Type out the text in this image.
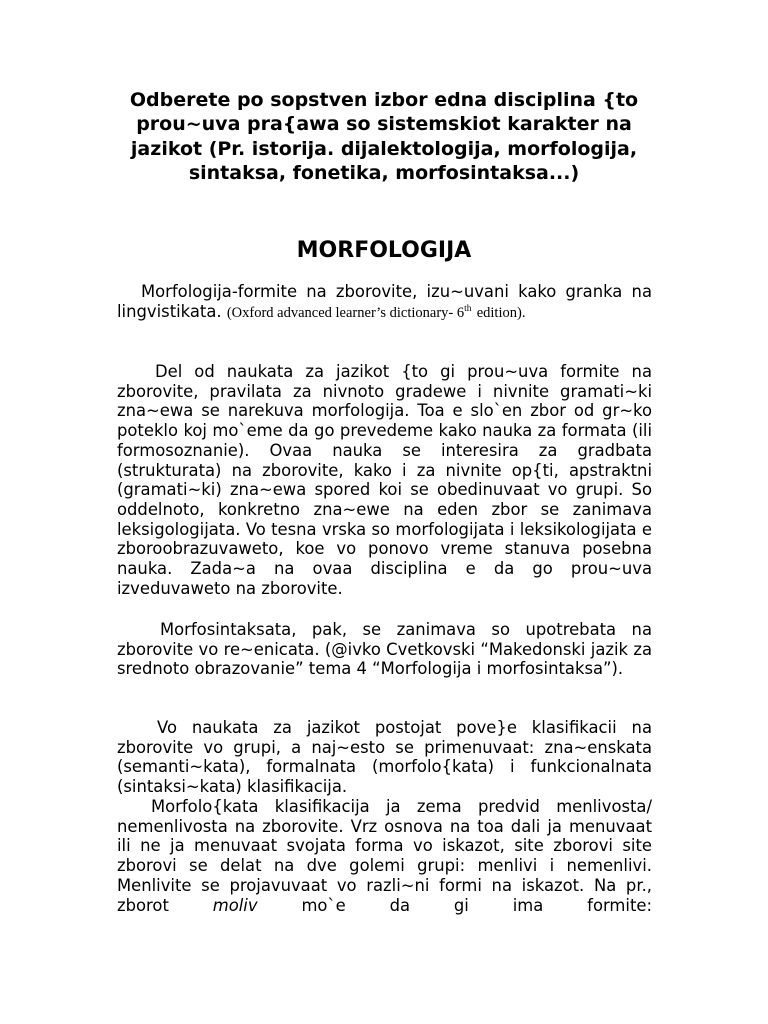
Odberete po sopstven izbor edna disciplina {to prou~uva pra{awa so sistemskiot karakter na jazikot (Pr. istorija. dijalektologija, morfologija, sintaksa, fonetika, morfosintaksa...)

MORFOLOGIJA

Morfologija-formite na zborovite, izu~uvani kako granka na lingvistikata. (Oxford advanced learner’s dictionary- 6th edition).

Del od naukata za jazikot {to gi prou~uva formite na zborovite, pravilata za nivnoto gradewe i nivnite gramati~ki zna~ewa se narekuva morfologija. Toa e slo`en zbor od gr~ko poteklo koj mo`eme da go prevedeme kako nauka za formata (ili formosoznanie). Ovaa nauka se interesira za gradbata (strukturata) na zborovite, kako i za nivnite op{ti, apstraktni (gramati~ki) zna~ewa spored koi se obedinuvaat vo grupi. So oddelnoto, konkretno zna~ewe na eden zbor se zanimava leksigologijata. Vo tesna vrska so morfologijata i leksikologijata e zboroobrazuvaweto, koe vo ponovo vreme stanuva posebna nauka. Zada~a na ovaa disciplina e da go prou~uva izveduvaweto na zborovite.

Morfosintaksata, pak, se zanimava so upotrebata na zborovite vo re~enicata. (@ivko Cvetkovski “Makedonski jazik za srednoto obrazovanie” tema 4 “Morfologija i morfosintaksa”).

Vo naukata za jazikot postojat pove}e klasifikacii na zborovite vo grupi, a naj~esto se primenuvaat: zna~enskata (semanti~kata), formalnata (morfolo{kata) i funkcionalnata (sintaksi~kata) klasifikacija.

Morfolo{kata klasifikacija ja zema predvid menlivosta/ nemenlivosta na zborovite. Vrz osnova na toa dali ja menuvaat ili ne ja menuvaat svojata forma vo iskazot, site zborovi site zborovi se delat na dve golemi grupi: menlivi i nemenlivi. Menlivite se projavuvaat vo razli~ni formi na iskazot. Na pr., zborot	moliv	mo`e da gi ima formite:
